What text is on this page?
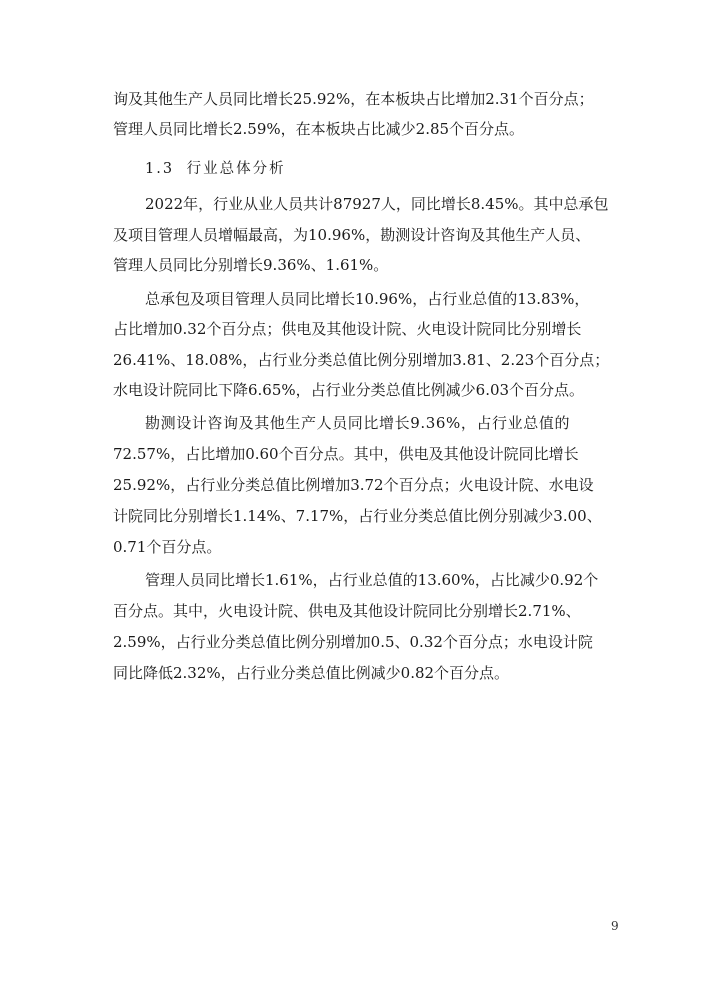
询及其他生产人员同比增长25.92%，在本板块占比增加2.31个百分点；
管理人员同比增长2.59%，在本板块占比减少2.85个百分点。
1.3 行业总体分析
2022年，行业从业人员共计87927人，同比增长8.45%。其中总承包
及项目管理人员增幅最高，为10.96%，勘测设计咨询及其他生产人员、
管理人员同比分别增长9.36%、1.61%。
总承包及项目管理人员同比增长10.96%，占行业总值的13.83%，
占比增加0.32个百分点；供电及其他设计院、火电设计院同比分别增长
26.41%、18.08%，占行业分类总值比例分别增加3.81、2.23个百分点；
水电设计院同比下降6.65%，占行业分类总值比例减少6.03个百分点。
勘测设计咨询及其他生产人员同比增长9.36%，占行业总值的
72.57%，占比增加0.60个百分点。其中，供电及其他设计院同比增长
25.92%，占行业分类总值比例增加3.72个百分点；火电设计院、水电设
计院同比分别增长1.14%、7.17%，占行业分类总值比例分别减少3.00、
0.71个百分点。
管理人员同比增长1.61%，占行业总值的13.60%，占比减少0.92个
百分点。其中，火电设计院、供电及其他设计院同比分别增长2.71%、
2.59%，占行业分类总值比例分别增加0.5、0.32个百分点；水电设计院
同比降低2.32%，占行业分类总值比例减少0.82个百分点。
9
